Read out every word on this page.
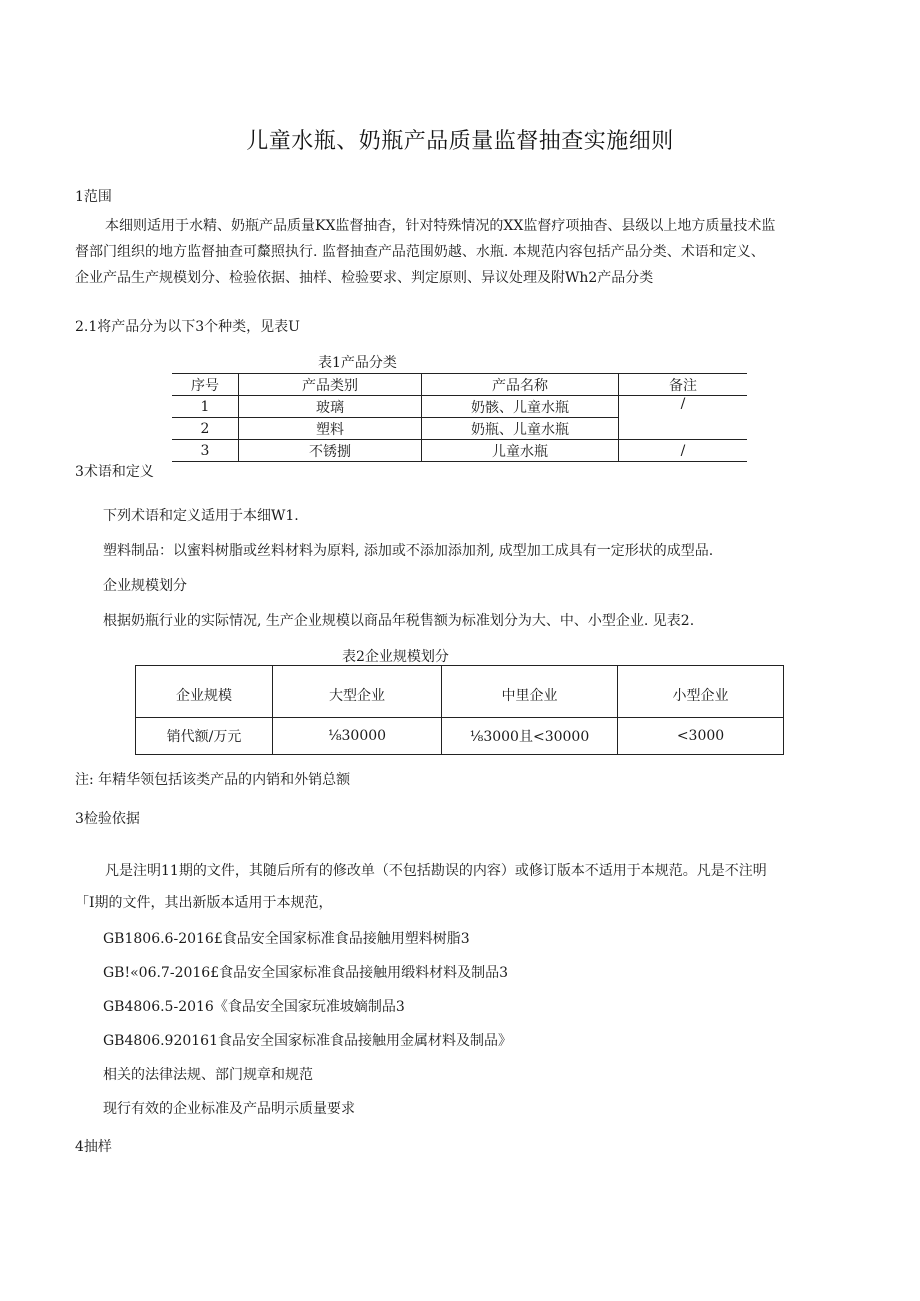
儿童水瓶、奶瓶产品质量监督抽查实施细则
1范围

本细则适用于水精、奶瓶产品质量KX监督抽杳，针对特殊情况的XX监督疗项抽杳、县级以上地方质量技术监

督部门组织的地方监督抽查可斄照执行. 监督抽查产品范围奶越、水瓶. 本规范内容包括产品分类、术语和定义、

企业产品生产规模划分、检验依据、抽样、检验要求、判定原则、异议处理及附Wh2产品分类

2.1将产品分为以下3个种类，见表U
表1产品分类
序号	产品类别	产品名称	备注
1	玻璃	奶骸、儿童水瓶	/
2	塑料	奶瓶、儿童水瓶	
3	不锈捌	儿童水瓶	/
3术语和定义
下列术语和定义适用于本细W1.
塑料制品：以蜜料树脂或丝料材料为原料, 添加或不添加添加剂, 成型加工成具有一定形状的成型品.
企业规模划分
根据奶瓶行业的实际情况, 生产企业规模以商品年税售额为标准划分为大、中、小型企业. 见表2.
表2企业规模划分
企业规模	大型企业	中里企业	小型企业
销代额/万元	⅛30000	⅛3000且<30000	<3000
注: 年精华领包括该类产品的内销和外销总额
3检验依据

凡是注明11期的文件，其随后所有的修改单（不包括勘误的内容）或修订版本不适用于本规范。凡是不注明

「I期的文件，其出新版本适用于本规范，

GB1806.6-2016£食品安全国家标准食品接触用塑料树脂3
GB!«06.7-2016£食品安全国家标准食品接触用缎料材料及制品3
GB4806.5-2016《食品安全国家玩准坡嫡制品3
GB4806.920161食品安全国家标准食品接触用金属材料及制品》
相关的法律法规、部门规章和规范
现行有效的企业标准及产品明示质量要求
4抽样
